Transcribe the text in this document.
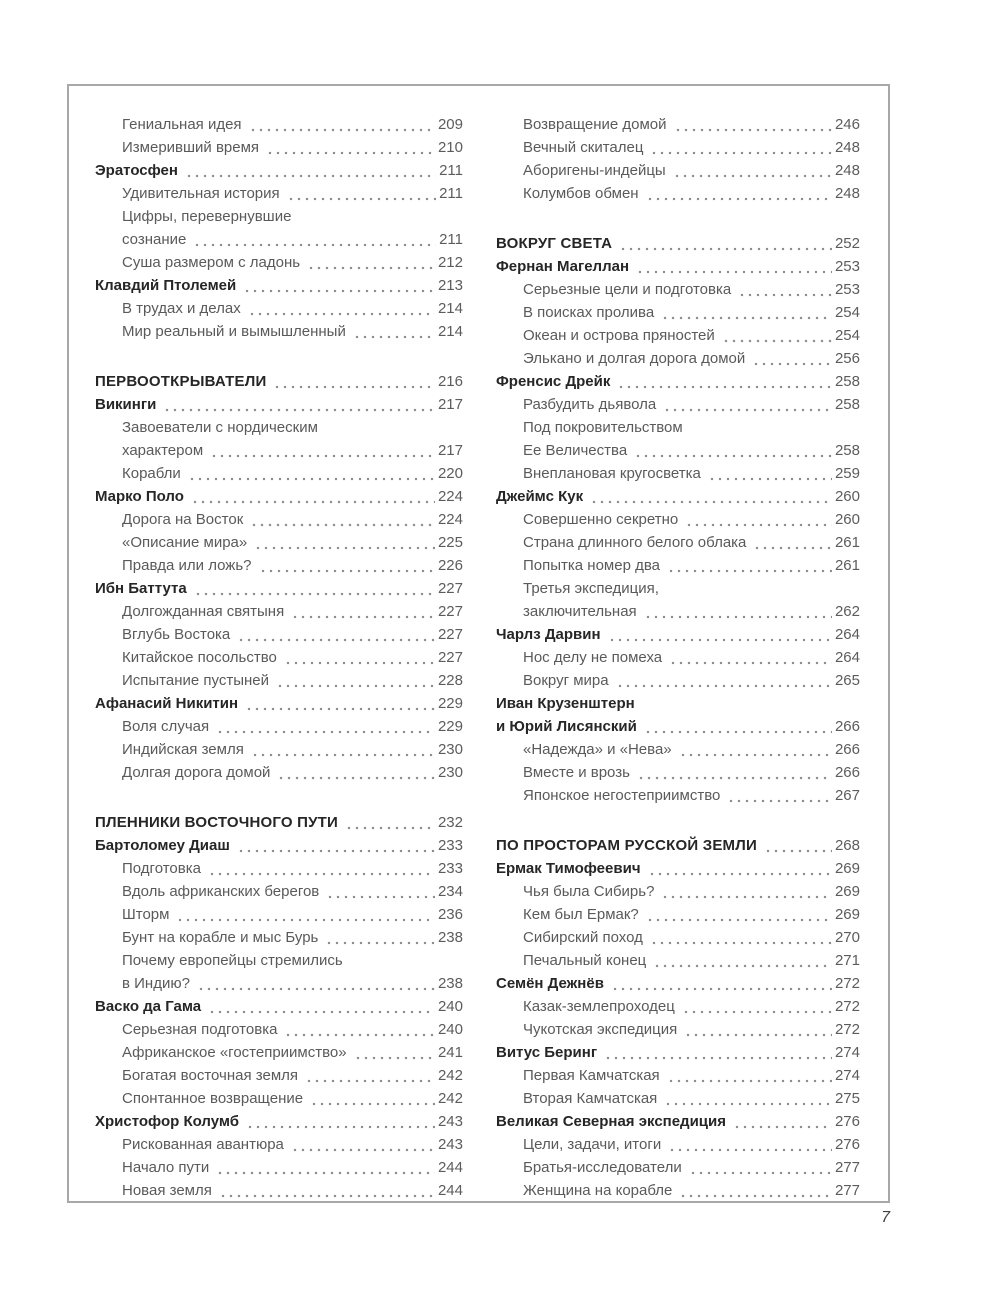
Гениальная идея	209
Измеривший время	210
Эратосфен	211
Удивительная история	211
Цифры, перевернувшие
сознание	211
Суша размером с ладонь	212
Клавдий Птолемей	213
В трудах и делах	214
Мир реальный и вымышленный	214
ПЕРВООТКРЫВАТЕЛИ	216
Викинги	217
Завоеватели с нордическим
характером	217
Корабли	220
Марко Поло	224
Дорога на Восток	224
«Описание мира»	225
Правда или ложь?	226
Ибн Баттута	227
Долгожданная святыня	227
Вглубь Востока	227
Китайское посольство	227
Испытание пустыней	228
Афанасий Никитин	229
Воля случая	229
Индийская земля	230
Долгая дорога домой	230
ПЛЕННИКИ ВОСТОЧНОГО ПУТИ	232
Бартоломеу Диаш	233
Подготовка	233
Вдоль африканских берегов	234
Шторм	236
Бунт на корабле и мыс Бурь	238
Почему европейцы стремились
в Индию?	238
Васко да Гама	240
Серьезная подготовка	240
Африканское «гостеприимство»	241
Богатая восточная земля	242
Спонтанное возвращение	242
Христофор Колумб	243
Рискованная авантюра	243
Начало пути	244
Новая земля	244
Возвращение домой	246
Вечный скиталец	248
Аборигены-индейцы	248
Колумбов обмен	248
ВОКРУГ СВЕТА	252
Фернан Магеллан	253
Серьезные цели и подготовка	253
В поисках пролива	254
Океан и острова пряностей	254
Элькано и долгая дорога домой	256
Френсис Дрейк	258
Разбудить дьявола	258
Под покровительством
Ее Величества	258
Внеплановая кругосветка	259
Джеймс Кук	260
Совершенно секретно	260
Страна длинного белого облака	261
Попытка номер два	261
Третья экспедиция,
заключительная	262
Чарлз Дарвин	264
Нос делу не помеха	264
Вокруг мира	265
Иван Крузенштерн
и Юрий Лисянский	266
«Надежда» и «Нева»	266
Вместе и врозь	266
Японское негостеприимство	267
ПО ПРОСТОРАМ РУССКОЙ ЗЕМЛИ	268
Ермак Тимофеевич	269
Чья была Сибирь?	269
Кем был Ермак?	269
Сибирский поход	270
Печальный конец	271
Семён Дежнёв	272
Казак-землепроходец	272
Чукотская экспедиция	272
Витус Беринг	274
Первая Камчатская	274
Вторая Камчатская	275
Великая Северная экспедиция	276
Цели, задачи, итоги	276
Братья-исследователи	277
Женщина на корабле	277
7
